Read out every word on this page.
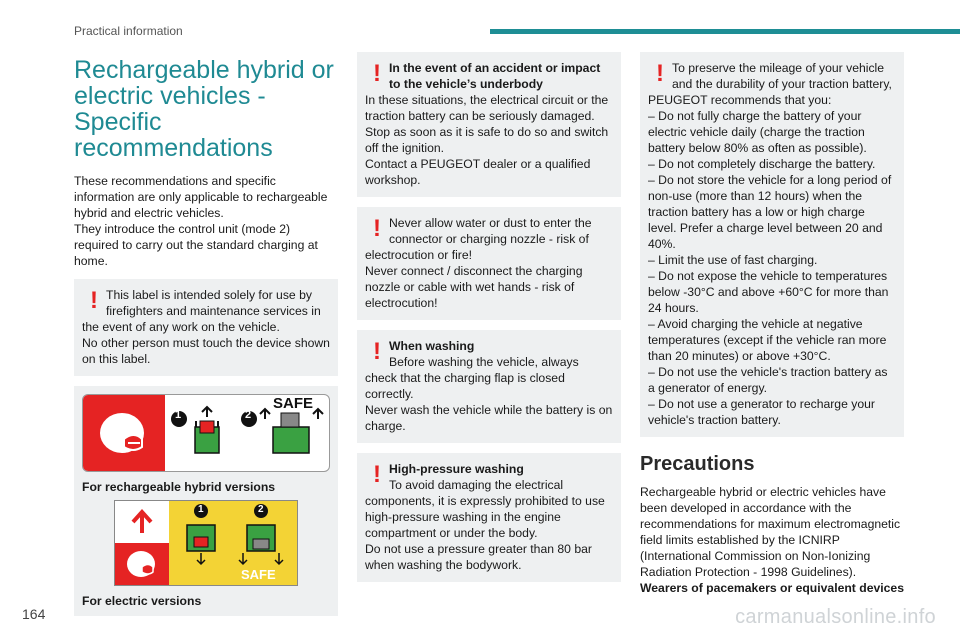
Practical information
Rechargeable hybrid or electric vehicles - Specific recommendations

These recommendations and specific information are only applicable to rechargeable hybrid and electric vehicles.

They introduce the control unit (mode 2) required to carry out the standard charging at home.

! This label is intended solely for use by firefighters and maintenance services in the event of any work on the vehicle.
No other person must touch the device shown on this label.
1	2
SAFE
For rechargeable hybrid versions
1	2
SAFE
For electric versions
! In the event of an accident or impact to the vehicle’s underbody
In these situations, the electrical circuit or the traction battery can be seriously damaged.
Stop as soon as it is safe to do so and switch off the ignition.
Contact a PEUGEOT dealer or a qualified workshop.
! Never allow water or dust to enter the connector or charging nozzle - risk of electrocution or fire!
Never connect / disconnect the charging nozzle or cable with wet hands - risk of electrocution!
! When washing
Before washing the vehicle, always check that the charging flap is closed correctly.
Never wash the vehicle while the battery is on charge.
! High-pressure washing
To avoid damaging the electrical components, it is expressly prohibited to use high-pressure washing in the engine compartment or under the body.
Do not use a pressure greater than 80 bar when washing the bodywork.
! To preserve the mileage of your vehicle and the durability of your traction battery, PEUGEOT recommends that you:
– Do not fully charge the battery of your electric vehicle daily (charge the traction battery below 80% as often as possible).
– Do not completely discharge the battery.
– Do not store the vehicle for a long period of non-use (more than 12 hours) when the traction battery has a low or high charge level. Prefer a charge level between 20 and 40%.
– Limit the use of fast charging.
– Do not expose the vehicle to temperatures below -30°C and above +60°C for more than 24 hours.
– Avoid charging the vehicle at negative temperatures (except if the vehicle ran more than 20 minutes) or above +30°C.
– Do not use the vehicle's traction battery as a generator of energy.
– Do not use a generator to recharge your vehicle's traction battery.
Precautions

Rechargeable hybrid or electric vehicles have been developed in accordance with the recommendations for maximum electromagnetic field limits established by the ICNIRP (International Commission on Non-Ionizing Radiation Protection - 1998 Guidelines).

Wearers of pacemakers or equivalent devices

164	carmanualsonline.info
